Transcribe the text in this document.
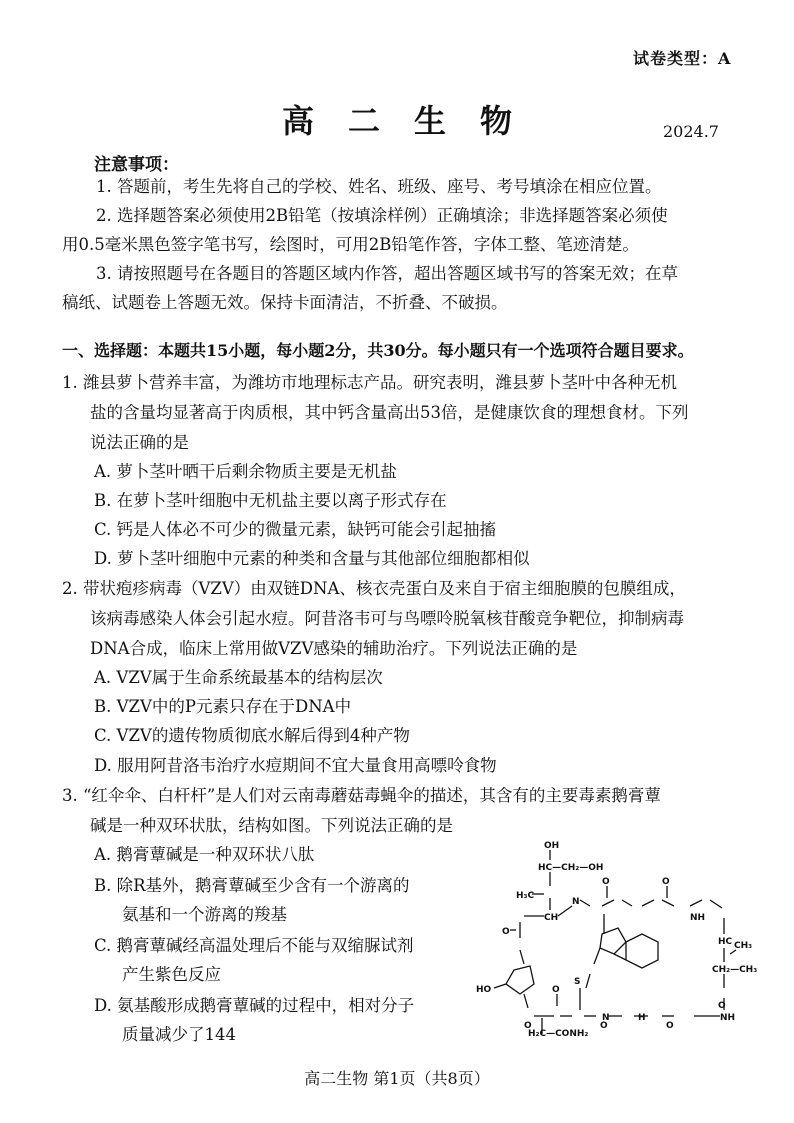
试卷类型：A
高二生物	2024.7
注意事项：
1. 答题前，考生先将自己的学校、姓名、班级、座号、考号填涂在相应位置。
2. 选择题答案必须使用2B铅笔（按填涂样例）正确填涂；非选择题答案必须使
用0.5毫米黑色签字笔书写，绘图时，可用2B铅笔作答，字体工整、笔迹清楚。
3. 请按照题号在各题目的答题区域内作答，超出答题区域书写的答案无效；在草
稿纸、试题卷上答题无效。保持卡面清洁，不折叠、不破损。
一、选择题：本题共15小题，每小题2分，共30分。每小题只有一个选项符合题目要求。
1. 潍县萝卜营养丰富，为潍坊市地理标志产品。研究表明，潍县萝卜茎叶中各种无机
盐的含量均显著高于肉质根，其中钙含量高出53倍，是健康饮食的理想食材。下列
说法正确的是
A. 萝卜茎叶晒干后剩余物质主要是无机盐
B. 在萝卜茎叶细胞中无机盐主要以离子形式存在
C. 钙是人体必不可少的微量元素，缺钙可能会引起抽搐
D. 萝卜茎叶细胞中元素的种类和含量与其他部位细胞都相似
2. 带状疱疹病毒（VZV）由双链DNA、核衣壳蛋白及来自于宿主细胞膜的包膜组成，
该病毒感染人体会引起水痘。阿昔洛韦可与鸟嘌呤脱氧核苷酸竞争靶位，抑制病毒
DNA合成，临床上常用做VZV感染的辅助治疗。下列说法正确的是
A. VZV属于生命系统最基本的结构层次
B. VZV中的P元素只存在于DNA中
C. VZV的遗传物质彻底水解后得到4种产物
D. 服用阿昔洛韦治疗水痘期间不宜大量食用高嘌呤食物
3. “红伞伞、白杆杆”是人们对云南毒蘑菇毒蝇伞的描述，其含有的主要毒素鹅膏蕈
碱是一种双环状肽，结构如图。下列说法正确的是
A. 鹅膏蕈碱是一种双环状八肽
B. 除R基外，鹅膏蕈碱至少含有一个游离的
氨基和一个游离的羧基
C. 鹅膏蕈碱经高温处理后不能与双缩脲试剂
产生紫色反应
D. 氨基酸形成鹅膏蕈碱的过程中，相对分子
质量减少了144
OH
HC—CH₂—OH
H₃C
CH
N
O	O
O
HO
S
O
NH
HC CH₃
CH₂—CH₃
O
NH
O	O	O
H
H₂C—CONH₂
N
高二生物 第1页（共8页）
